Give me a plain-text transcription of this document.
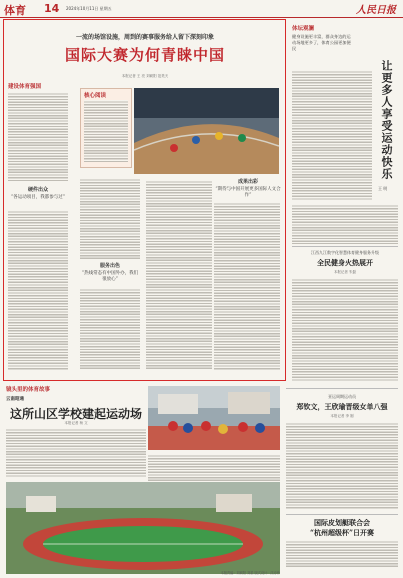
体育 14 2024年10月11日 星期五	人民日报
一流的场馆设施，周到的赛事服务给人留下深刻印象
国际大赛为何青睐中国
本报记者 王 亮 刘硕阳 范昊天
建设体育强国
硬件出众
“各运动项目，我都参与过”
核心阅读
服务出色
“热线常态有中国外办，我们很放心”
成果出彩
“期待与中国开展更多国际人文合作”
体坛观澜
健身设施更丰富，群众身边的运动场地更多了，体育公园更加便民
让更多人享受运动快乐
王 明
江西九江数字化智慧体育健身服务升级
全民健身火热展开
本报记者 朱磊
镜头里的体育故事
云南昭通
这所山区学校建起运动场
本报记者 杨 文
亚运周期运动员
郑钦文，王欣瑜晋级女单八强
本报记者 李 刚
国际皮划艇联合会
“杭州超级杯”日开赛
本版责编：刘硕阳 刘星 版式设计：沈亦伶
